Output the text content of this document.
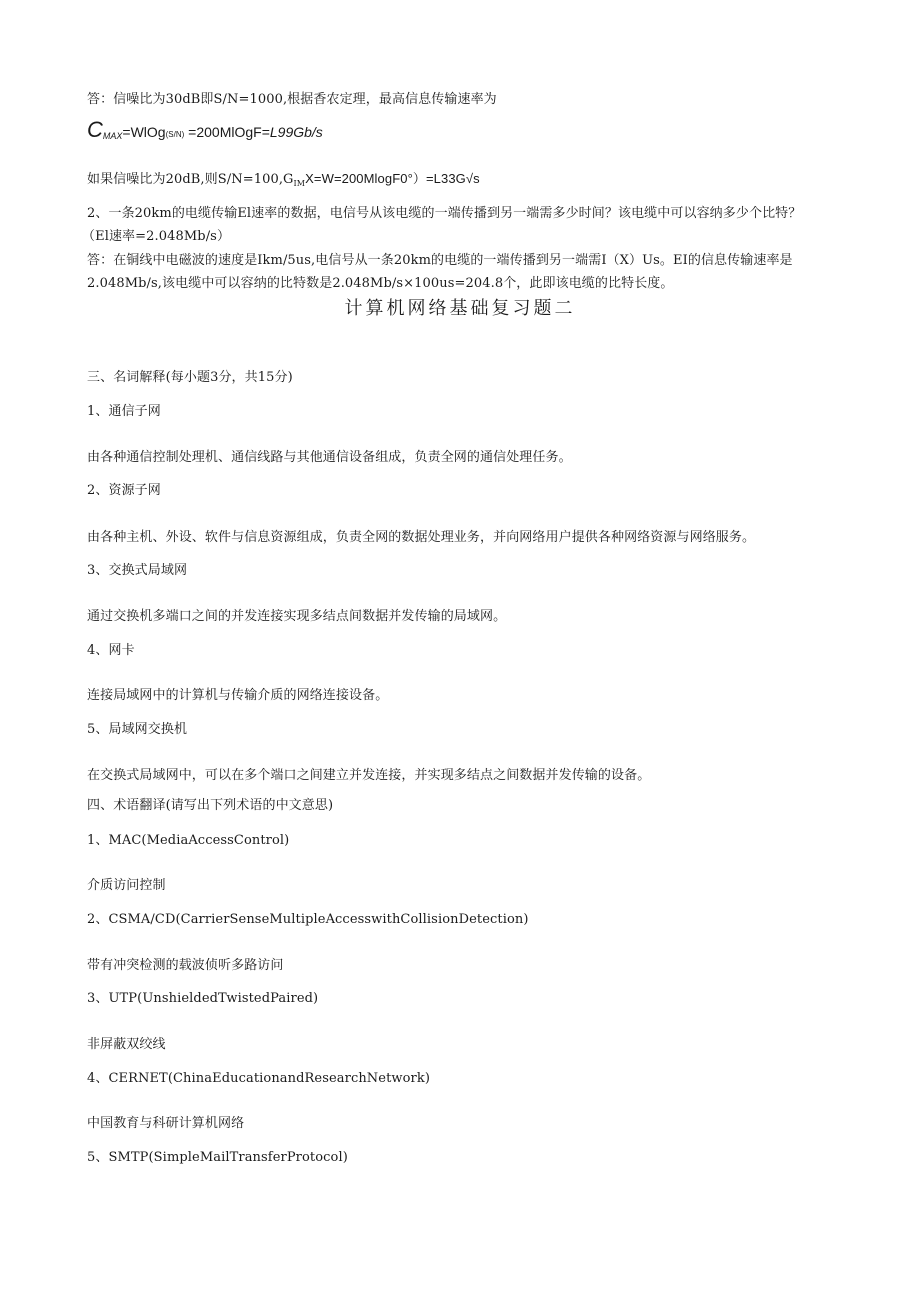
答：信噪比为30dB即S/N=1000,根据香农定理，最高信息传输速率为
CMAX=WlOg(S/N) =200MlOgF=L99Gb/s
如果信噪比为20dB,则$S/N=100,G_{IM}X=W=200MlogF0^\circ)=L33G√s$
2、一条20km的电缆传输El速率的数据，电信号从该电缆的一端传播到另一端需多少时间？该电缆中可以容纳多少个比特？
（El速率=2.048Mb/s）
答：在铜线中电磁波的速度是Ikm/5us,电信号从一条20km的电缆的一端传播到另一端需I（X）Us。EI的信息传输速率是
2.048Mb/s,该电缆中可以容纳的比特数是2.048Mb/s×100us=204.8个，此即该电缆的比特长度。
计算机网络基础复习题二
三、名词解释(每小题3分，共15分)
1、通信子网
由各种通信控制处理机、通信线路与其他通信设备组成，负责全网的通信处理任务。
2、资源子网
由各种主机、外设、软件与信息资源组成，负责全网的数据处理业务，并向网络用户提供各种网络资源与网络服务。
3、交换式局域网
通过交换机多端口之间的并发连接实现多结点间数据并发传输的局域网。
4、网卡
连接局域网中的计算机与传输介质的网络连接设备。
5、局域网交换机
在交换式局域网中，可以在多个端口之间建立并发连接，并实现多结点之间数据并发传输的设备。
四、术语翻译(请写出下列术语的中文意思)
1、MAC(MediaAccessControl)
介质访问控制
2、CSMA/CD(CarrierSenseMultipleAccesswithCollisionDetection)
带有冲突检测的载波侦听多路访问
3、UTP(UnshieldedTwistedPaired)
非屏蔽双绞线
4、CERNET(ChinaEducationandResearchNetwork)
中国教育与科研计算机网络
5、SMTP(SimpleMailTransferProtocol)
